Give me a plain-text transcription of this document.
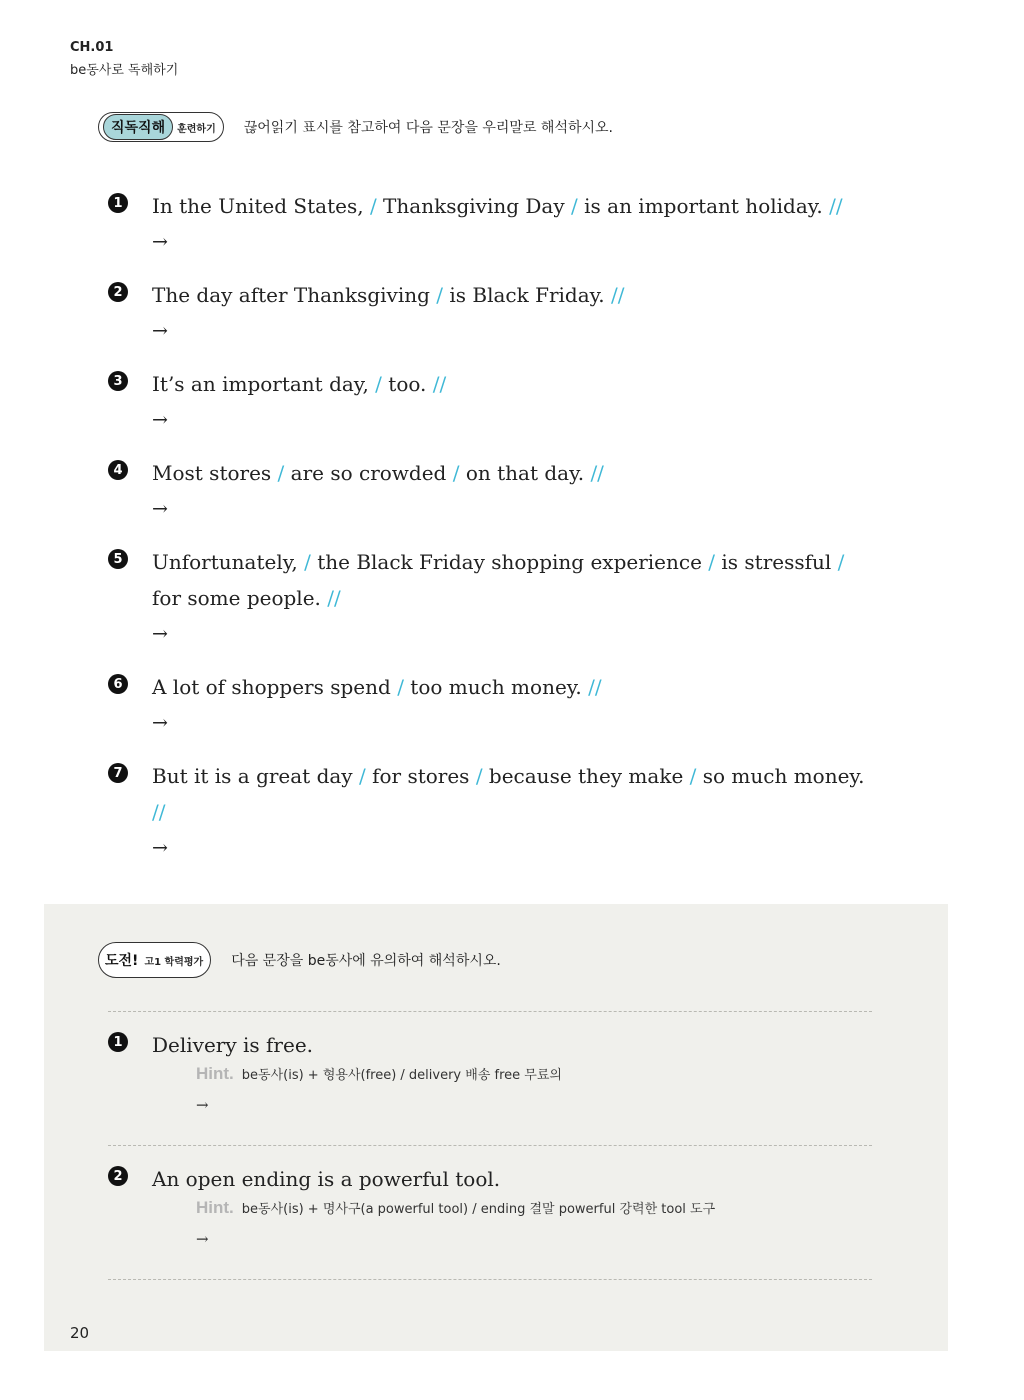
CH.01
be동사로 독해하기
직독직해	훈련하기 끊어읽기 표시를 참고하여 다음 문장을 우리말로 해석하시오.
1 In the United States, / Thanksgiving Day / is an important holiday. //
→
2 The day after Thanksgiving / is Black Friday. //
→
3 It’s an important day, / too. //
→
4 Most stores / are so crowded / on that day. //
→
5 Unfortunately, / the Black Friday shopping experience / is stressful / for some people. //
→
6 A lot of shoppers spend / too much money. //
→
7 But it is a great day / for stores / because they make / so much money. //
→
도전! 고1 학력평가 다음 문장을 be동사에 유의하여 해석하시오.
1 Delivery is free.
Hint. be동사(is) + 형용사(free) / delivery 배송 free 무료의
→
2 An open ending is a powerful tool.
Hint. be동사(is) + 명사구(a powerful tool) / ending 결말 powerful 강력한 tool 도구
→
20
